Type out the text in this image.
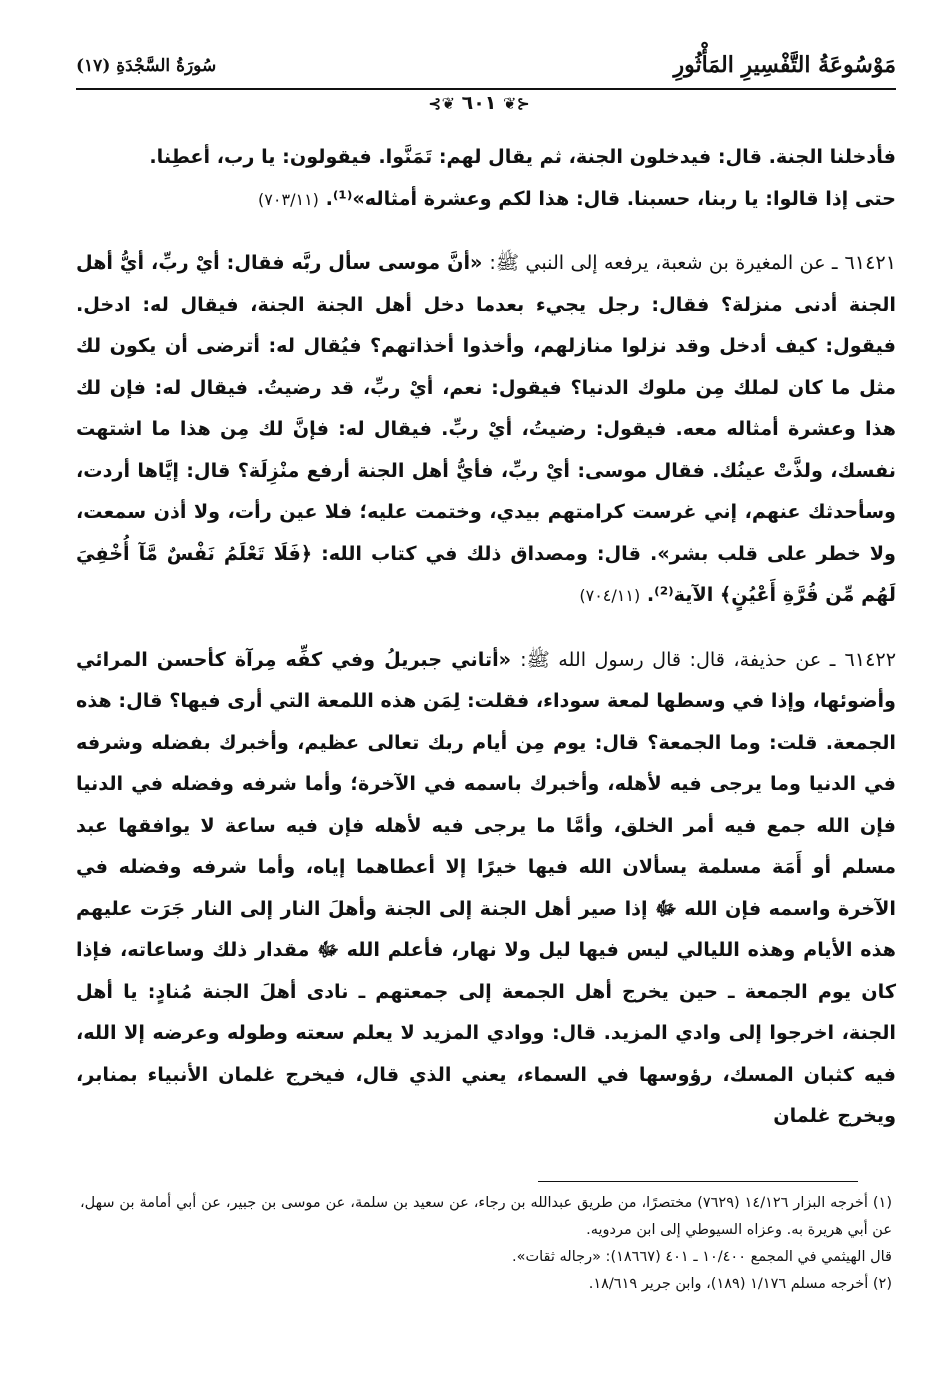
مَوْسُوعَةُ التَّفْسِيرِ المَأْثُورِ
سُورَةُ السَّجْدَةِ (١٧)
⊰❦ ٦٠١ ❦⊱

فأدخلنا الجنة. قال: فيدخلون الجنة، ثم يقال لهم: تَمَنَّوا. فيقولون: يا رب، أعطِنا.
حتى إذا قالوا: يا ربنا، حسبنا. قال: هذا لكم وعشرة أمثاله»⁽¹⁾. (٧٠٣/١١)

٦١٤٢١ ـ عن المغيرة بن شعبة، يرفعه إلى النبي ﷺ: «أنَّ موسى سأل ربَّه فقال: أيْ ربِّ، أيُّ أهل الجنة أدنى منزلة؟ فقال: رجل يجيء بعدما دخل أهل الجنة الجنة، فيقال له: ادخل. فيقول: كيف أدخل وقد نزلوا منازلهم، وأخذوا أخذاتهم؟ فيُقال له: أترضى أن يكون لك مثل ما كان لملك مِن ملوك الدنيا؟ فيقول: نعم، أيْ ربِّ، قد رضيتُ. فيقال له: فإن لك هذا وعشرة أمثاله معه. فيقول: رضيتُ، أيْ ربِّ. فيقال له: فإنَّ لك مِن هذا ما اشتهت نفسك، ولذَّتْ عينُك. فقال موسى: أيْ ربِّ، فأيُّ أهل الجنة أرفع منْزِلَة؟ قال: إيَّاها أردت، وسأحدثك عنهم، إني غرست كرامتهم بيدي، وختمت عليه؛ فلا عين رأت، ولا أذن سمعت، ولا خطر على قلب بشر». قال: ومصداق ذلك في كتاب الله: ﴿فَلَا تَعْلَمُ نَفْسٌ مَّآ أُخْفِيَ لَهُم مِّن قُرَّةِ أَعْيُنٍ﴾ الآية⁽²⁾. (٧٠٤/١١)

٦١٤٢٢ ـ عن حذيفة، قال: قال رسول الله ﷺ: «أتاني جبريلُ وفي كفِّه مِرآة كأحسن المرائي وأضوئها، وإذا في وسطها لمعة سوداء، فقلت: لِمَن هذه اللمعة التي أرى فيها؟ قال: هذه الجمعة. قلت: وما الجمعة؟ قال: يوم مِن أيام ربك تعالى عظيم، وأخبرك بفضله وشرفه في الدنيا وما يرجى فيه لأهله، وأخبرك باسمه في الآخرة؛ وأما شرفه وفضله في الدنيا فإن الله جمع فيه أمر الخلق، وأمَّا ما يرجى فيه لأهله فإن فيه ساعة لا يوافقها عبد مسلم أو أَمَة مسلمة يسألان الله فيها خيرًا إلا أعطاهما إياه، وأما شرفه وفضله في الآخرة واسمه فإن الله ﷻ إذا صير أهل الجنة إلى الجنة وأهلَ النار إلى النار جَرَت عليهم هذه الأيام وهذه الليالي ليس فيها ليل ولا نهار، فأعلم الله ﷻ مقدار ذلك وساعاته، فإذا كان يوم الجمعة ـ حين يخرج أهل الجمعة إلى جمعتهم ـ نادى أهلَ الجنة مُنادٍ: يا أهل الجنة، اخرجوا إلى وادي المزيد. قال: ووادي المزيد لا يعلم سعته وطوله وعرضه إلا الله، فيه كثبان المسك، رؤوسها في السماء، يعني الذي قال، فيخرج غلمان الأنبياء بمنابر، ويخرج غلمان

(١) أخرجه البزار ١٤/١٢٦ (٧٦٢٩) مختصرًا، من طريق عبدالله بن رجاء، عن سعيد بن سلمة، عن موسى بن جبير، عن أبي أمامة بن سهل، عن أبي هريرة به. وعزاه السيوطي إلى ابن مردويه.

قال الهيثمي في المجمع ١٠/٤٠٠ ـ ٤٠١ (١٨٦٦٧): «رجاله ثقات».

(٢) أخرجه مسلم ١/١٧٦ (١٨٩)، وابن جرير ١٨/٦١٩.
